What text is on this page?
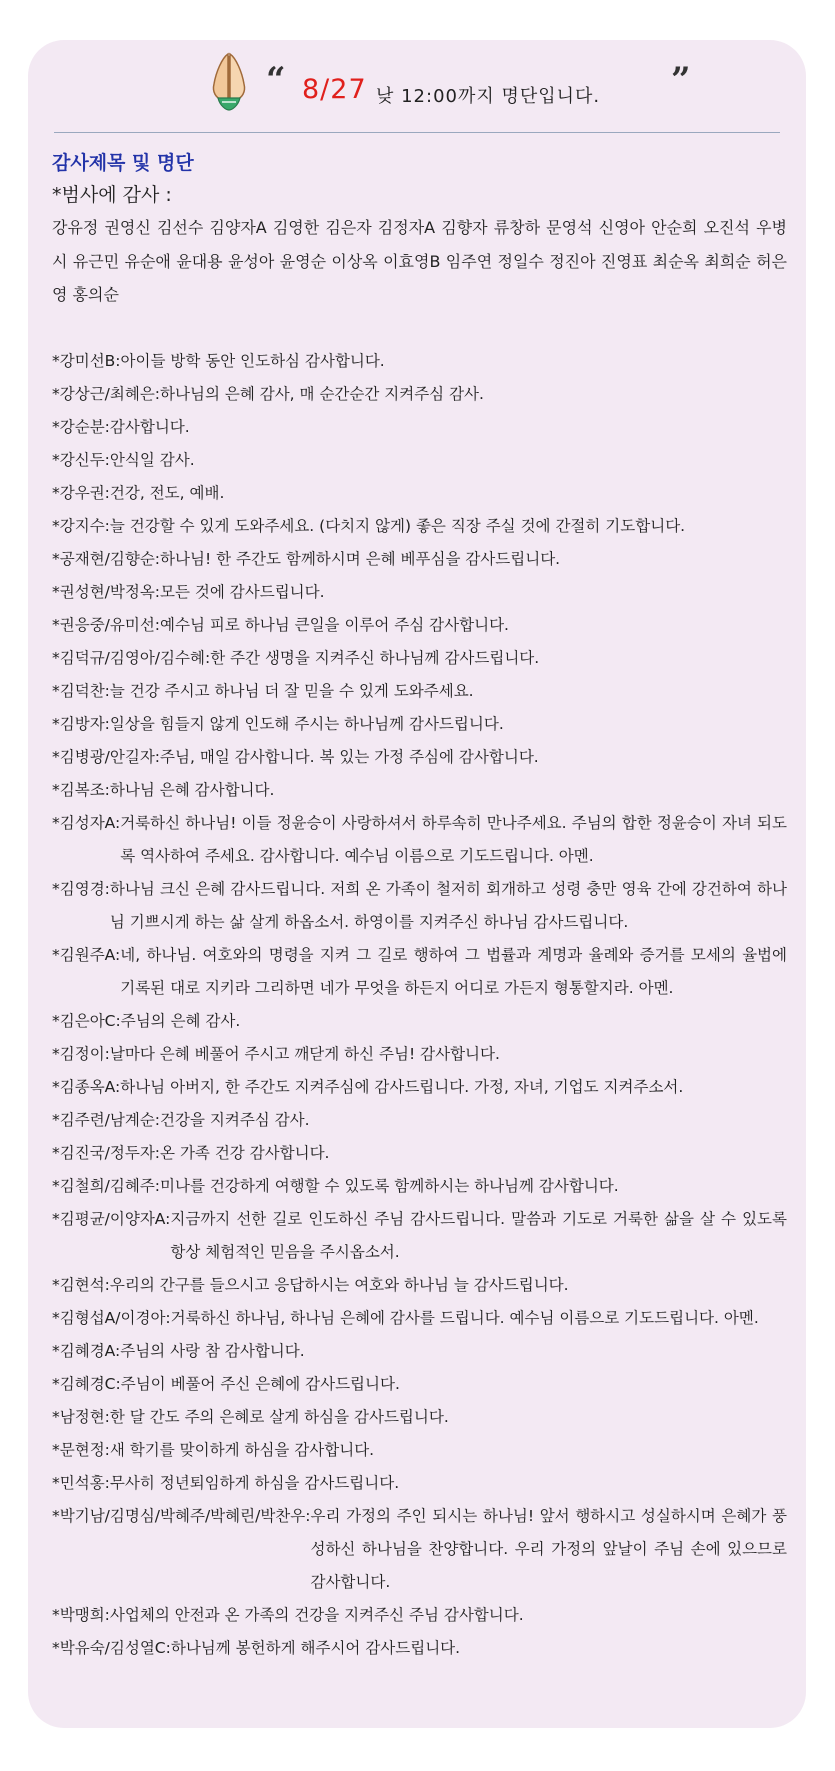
“ 8/27 낮 12:00까지 명단입니다. ”

감사제목 및 명단

*범사에 감사 :

강유정 권영신 김선수 김양자A 김영한 김은자 김정자A 김향자 류창하 문영석 신영아 안순희 오진석 우병시 유근민 유순애 윤대용 윤성아 윤영순 이상옥 이효영B 임주연 정일수 정진아 진영표 최순옥 최희순 허은영 홍의순

*강미선B: 아이들 방학 동안 인도하심 감사합니다.
*강상근/최혜은: 하나님의 은혜 감사, 매 순간순간 지켜주심 감사.
*강순분: 감사합니다.
*강신두: 안식일 감사.
*강우권: 건강, 전도, 예배.
*강지수: 늘 건강할 수 있게 도와주세요. (다치지 않게) 좋은 직장 주실 것에 간절히 기도합니다.
*공재현/김향순: 하나님! 한 주간도 함께하시며 은혜 베푸심을 감사드립니다.
*권성현/박정옥: 모든 것에 감사드립니다.
*권응중/유미선: 예수님 피로 하나님 큰일을 이루어 주심 감사합니다.
*김덕규/김영아/김수혜: 한 주간 생명을 지켜주신 하나님께 감사드립니다.
*김덕찬: 늘 건강 주시고 하나님 더 잘 믿을 수 있게 도와주세요.
*김방자: 일상을 힘들지 않게 인도해 주시는 하나님께 감사드립니다.
*김병광/안길자: 주님, 매일 감사합니다. 복 있는 가정 주심에 감사합니다.
*김복조: 하나님 은혜 감사합니다.
*김성자A: 거룩하신 하나님! 이들 정윤승이 사랑하셔서 하루속히 만나주세요. 주님의 합한 정윤승이 자녀 되도록 역사하여 주세요. 감사합니다. 예수님 이름으로 기도드립니다. 아멘.
*김영경: 하나님 크신 은혜 감사드립니다. 저희 온 가족이 철저히 회개하고 성령 충만 영육 간에 강건하여 하나님 기쁘시게 하는 삶 살게 하옵소서. 하영이를 지켜주신 하나님 감사드립니다.
*김원주A: 네, 하나님. 여호와의 명령을 지켜 그 길로 행하여 그 법률과 계명과 율례와 증거를 모세의 율법에 기록된 대로 지키라 그리하면 네가 무엇을 하든지 어디로 가든지 형통할지라. 아멘.
*김은아C: 주님의 은혜 감사.
*김정이: 날마다 은혜 베풀어 주시고 깨닫게 하신 주님! 감사합니다.
*김종옥A: 하나님 아버지, 한 주간도 지켜주심에 감사드립니다. 가정, 자녀, 기업도 지켜주소서.
*김주련/남계순: 건강을 지켜주심 감사.
*김진국/정두자: 온 가족 건강 감사합니다.
*김철희/김혜주: 미나를 건강하게 여행할 수 있도록 함께하시는 하나님께 감사합니다.
*김평균/이양자A: 지금까지 선한 길로 인도하신 주님 감사드립니다. 말씀과 기도로 거룩한 삶을 살 수 있도록 항상 체험적인 믿음을 주시옵소서.
*김현석: 우리의 간구를 들으시고 응답하시는 여호와 하나님 늘 감사드립니다.
*김형섭A/이경아: 거룩하신 하나님, 하나님 은혜에 감사를 드립니다. 예수님 이름으로 기도드립니다. 아멘.
*김혜경A: 주님의 사랑 참 감사합니다.
*김혜경C: 주님이 베풀어 주신 은혜에 감사드립니다.
*남정현: 한 달 간도 주의 은혜로 살게 하심을 감사드립니다.
*문현정: 새 학기를 맞이하게 하심을 감사합니다.
*민석홍: 무사히 정년퇴임하게 하심을 감사드립니다.
*박기남/김명심/박혜주/박혜린/박찬우: 우리 가정의 주인 되시는 하나님! 앞서 행하시고 성실하시며 은혜가 풍성하신 하나님을 찬양합니다. 우리 가정의 앞날이 주님 손에 있으므로 감사합니다.
*박맹희: 사업체의 안전과 온 가족의 건강을 지켜주신 주님 감사합니다.
*박유숙/김성열C: 하나님께 봉헌하게 해주시어 감사드립니다.
